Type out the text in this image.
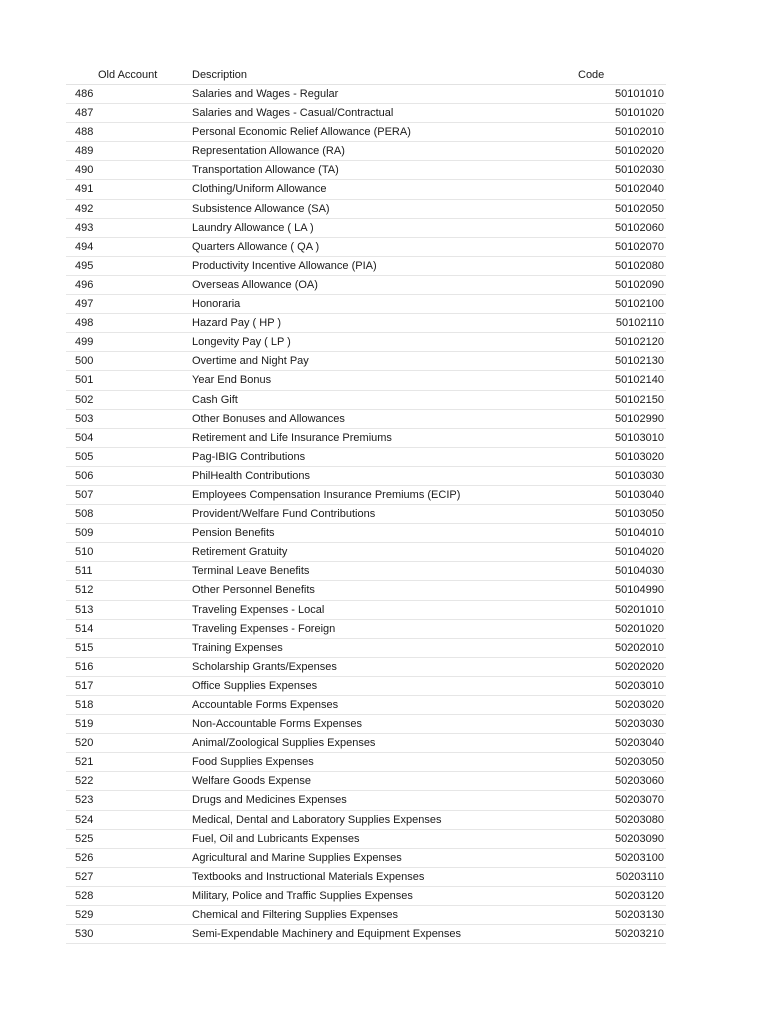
Old Account	Description	Code
486	Salaries and Wages - Regular	50101010
487	Salaries and Wages - Casual/Contractual	50101020
488	Personal Economic Relief Allowance (PERA)	50102010
489	Representation Allowance (RA)	50102020
490	Transportation Allowance (TA)	50102030
491	Clothing/Uniform Allowance	50102040
492	Subsistence Allowance (SA)	50102050
493	Laundry Allowance ( LA )	50102060
494	Quarters Allowance ( QA )	50102070
495	Productivity Incentive Allowance (PIA)	50102080
496	Overseas Allowance (OA)	50102090
497	Honoraria	50102100
498	Hazard Pay ( HP )	50102110
499	Longevity Pay ( LP )	50102120
500	Overtime and Night Pay	50102130
501	Year End Bonus	50102140
502	Cash Gift	50102150
503	Other Bonuses and Allowances	50102990
504	Retirement and Life Insurance Premiums	50103010
505	Pag-IBIG Contributions	50103020
506	PhilHealth Contributions	50103030
507	Employees Compensation Insurance Premiums (ECIP)	50103040
508	Provident/Welfare Fund Contributions	50103050
509	Pension Benefits	50104010
510	Retirement Gratuity	50104020
511	Terminal Leave Benefits	50104030
512	Other Personnel Benefits	50104990
513	Traveling Expenses - Local	50201010
514	Traveling Expenses - Foreign	50201020
515	Training Expenses	50202010
516	Scholarship Grants/Expenses	50202020
517	Office Supplies Expenses	50203010
518	Accountable Forms Expenses	50203020
519	Non-Accountable Forms Expenses	50203030
520	Animal/Zoological Supplies Expenses	50203040
521	Food Supplies Expenses	50203050
522	Welfare Goods Expense	50203060
523	Drugs and Medicines Expenses	50203070
524	Medical, Dental and Laboratory Supplies Expenses	50203080
525	Fuel, Oil and Lubricants Expenses	50203090
526	Agricultural and Marine Supplies Expenses	50203100
527	Textbooks and Instructional Materials Expenses	50203110
528	Military, Police and Traffic Supplies Expenses	50203120
529	Chemical and Filtering Supplies Expenses	50203130
530	Semi-Expendable Machinery and Equipment Expenses	50203210
